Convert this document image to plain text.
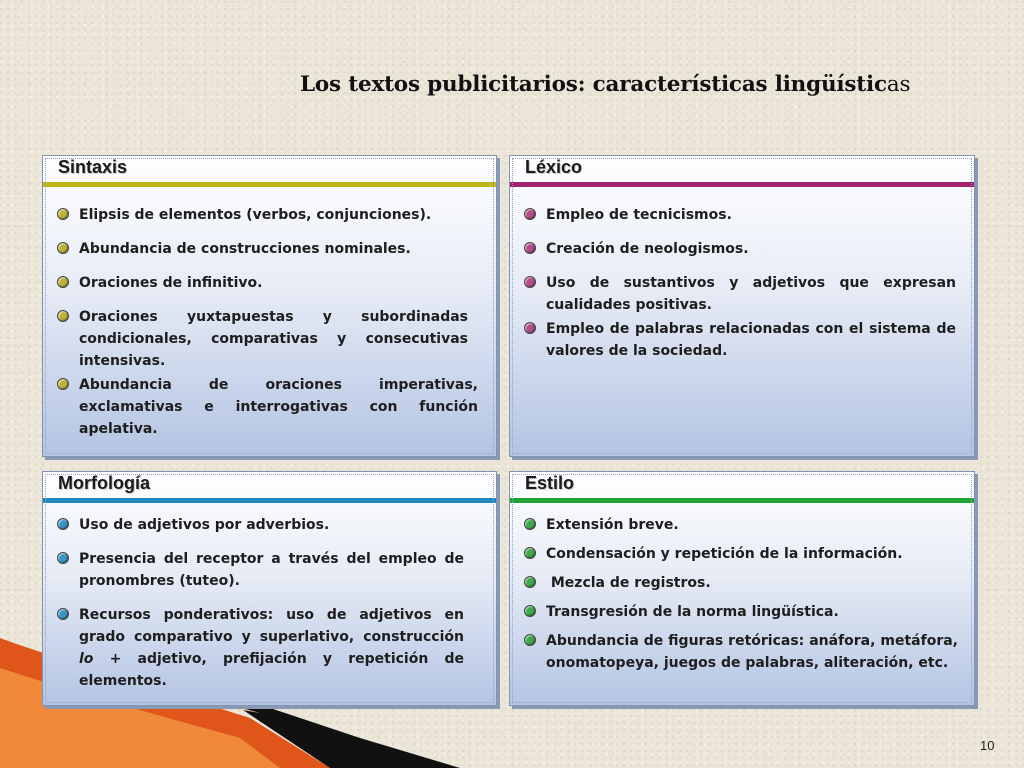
Los textos publicitarios: características lingüísticas
Sintaxis
Elipsis de elementos (verbos, conjunciones).
Abundancia de construcciones nominales.
Oraciones de infinitivo.
Oraciones yuxtapuestas y subordinadas condicionales, comparativas y consecutivas intensivas.
Abundancia de oraciones imperativas, exclamativas e interrogativas con función apelativa.
Léxico
Empleo de tecnicismos.
Creación de neologismos.
Uso de sustantivos y adjetivos que expresan cualidades positivas.
Empleo de palabras relacionadas con el sistema de valores de la sociedad.
Morfología
Uso de adjetivos por adverbios.
Presencia del receptor a través del empleo de pronombres (tuteo).
Recursos ponderativos: uso de adjetivos en grado comparativo y superlativo, construcción lo + adjetivo, prefijación y repetición de elementos.
Estilo
Extensión breve.
Condensación y repetición de la información.
Mezcla de registros.
Transgresión de la norma lingüística.
Abundancia de figuras retóricas: anáfora, metáfora, onomatopeya, juegos de palabras, aliteración, etc.
10
